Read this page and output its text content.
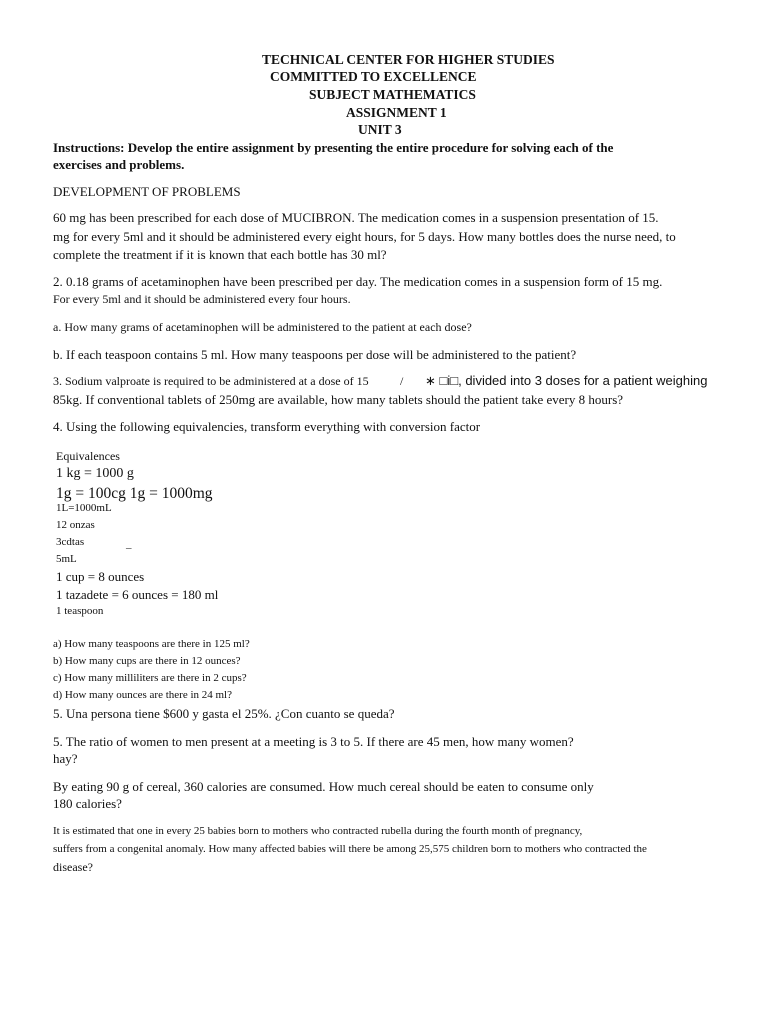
TECHNICAL CENTER FOR HIGHER STUDIES

COMMITTED TO EXCELLENCE

SUBJECT MATHEMATICS

ASSIGNMENT 1

UNIT 3

Instructions: Develop the entire assignment by presenting the entire procedure for solving each of the

exercises and problems.

DEVELOPMENT OF PROBLEMS

60 mg has been prescribed for each dose of MUCIBRON. The medication comes in a suspension presentation of 15.

mg for every 5ml and it should be administered every eight hours, for 5 days. How many bottles does the nurse need, to

complete the treatment if it is known that each bottle has 30 ml?

2. 0.18 grams of acetaminophen have been prescribed per day. The medication comes in a suspension form of 15 mg.

For every 5ml and it should be administered every four hours.

a. How many grams of acetaminophen will be administered to the patient at each dose?

b. If each teaspoon contains 5 ml. How many teaspoons per dose will be administered to the patient?

3. Sodium valproate is required to be administered at a dose of 15	/ ∗ □i□, divided into 3 doses for a patient weighing

85kg. If conventional tablets of 250mg are available, how many tablets should the patient take every 8 hours?

4. Using the following equivalencies, transform everything with conversion factor

Equivalences

1 kg = 1000 g

1g = 100cg 1g = 1000mg

1L=1000mL

12 onzas

3cdtas	_

5mL

1 cup = 8 ounces

1 tazadete = 6 ounces = 180 ml

1 teaspoon

a) How many teaspoons are there in 125 ml?

b) How many cups are there in 12 ounces?

c) How many milliliters are there in 2 cups?

d) How many ounces are there in 24 ml?

5. Una persona tiene $600 y gasta el 25%. ¿Con cuanto se queda?

5. The ratio of women to men present at a meeting is 3 to 5. If there are 45 men, how many women?

hay?

By eating 90 g of cereal, 360 calories are consumed. How much cereal should be eaten to consume only

180 calories?

It is estimated that one in every 25 babies born to mothers who contracted rubella during the fourth month of pregnancy,

suffers from a congenital anomaly. How many affected babies will there be among 25,575 children born to mothers who contracted the

disease?
